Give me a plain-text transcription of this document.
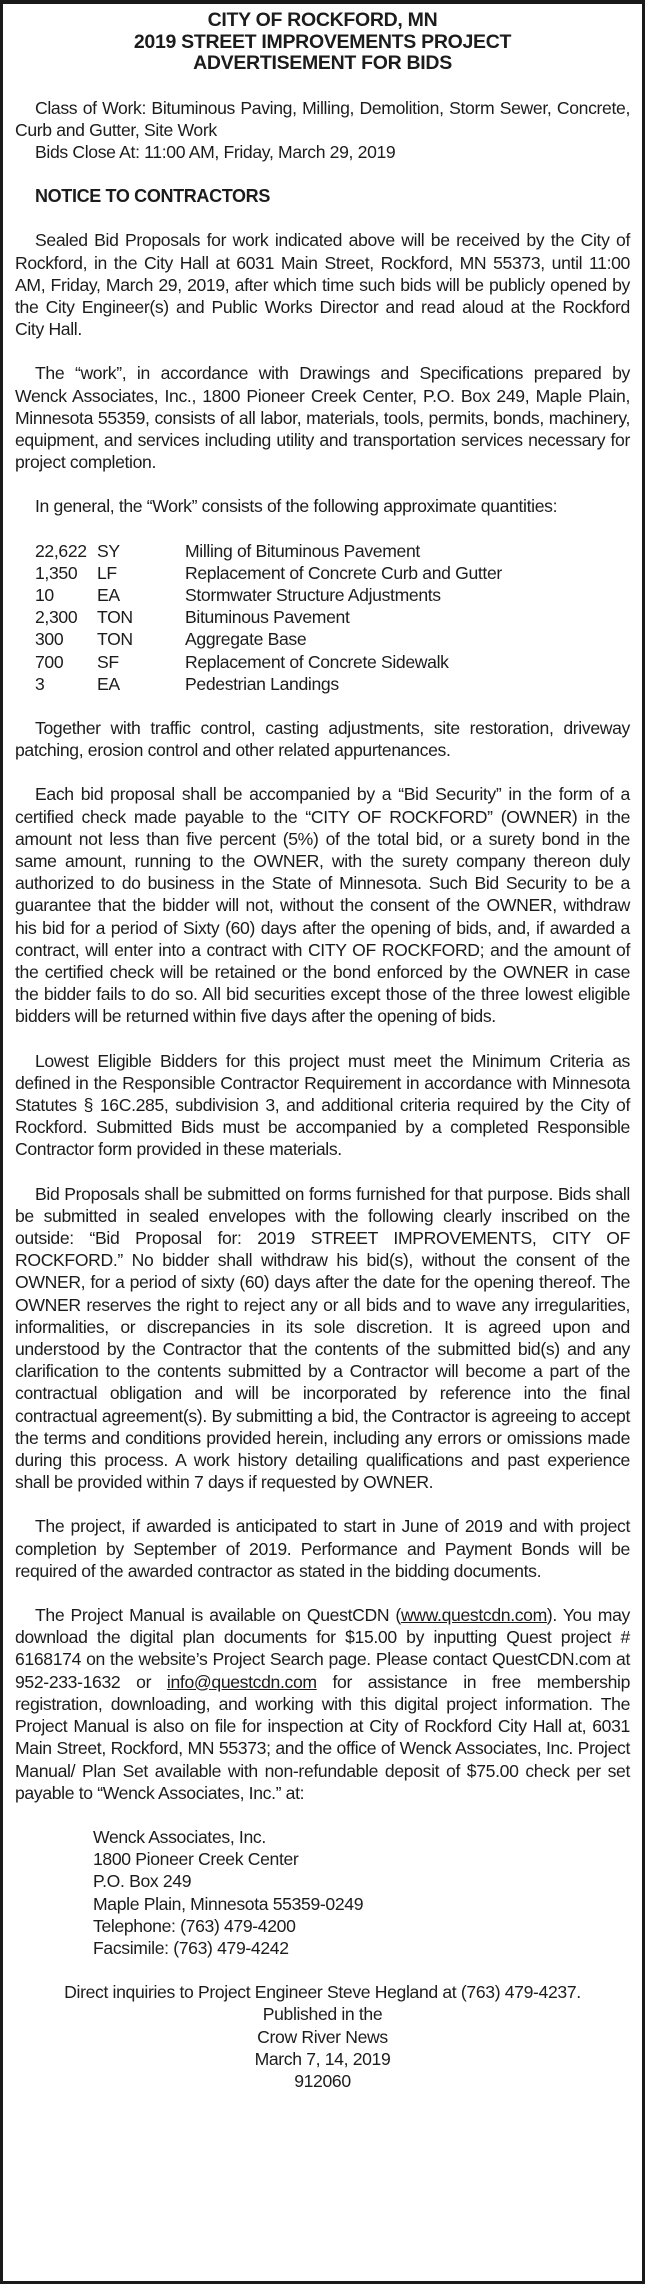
CITY OF ROCKFORD, MN
2019 STREET IMPROVEMENTS PROJECT
ADVERTISEMENT FOR BIDS

Class of Work: Bituminous Paving, Milling, Demolition, Storm Sewer, Concrete, Curb and Gutter, Site Work

Bids Close At: 11:00 AM, Friday, March 29, 2019
NOTICE TO CONTRACTORS

Sealed Bid Proposals for work indicated above will be received by the City of Rockford, in the City Hall at 6031 Main Street, Rockford, MN 55373, until 11:00 AM, Friday, March 29, 2019, after which time such bids will be publicly opened by the City Engineer(s) and Public Works Director and read aloud at the Rockford City Hall.

The “work”, in accordance with Drawings and Specifications prepared by Wenck Associates, Inc., 1800 Pioneer Creek Center, P.O. Box 249, Maple Plain, Minnesota 55359, consists of all labor, materials, tools, permits, bonds, machinery, equipment, and services including utility and transportation services necessary for project completion.

In general, the “Work” consists of the following approximate quantities:

22,622 SY	Milling of Bituminous Pavement
1,350	LF	Replacement of Concrete Curb and Gutter
10	EA	Stormwater Structure Adjustments
2,300	TON	Bituminous Pavement
300	TON	Aggregate Base
700	SF	Replacement of Concrete Sidewalk
3	EA	Pedestrian Landings

Together with traffic control, casting adjustments, site restoration, driveway patching, erosion control and other related appurtenances.

Each bid proposal shall be accompanied by a “Bid Security” in the form of a certified check made payable to the “CITY OF ROCKFORD” (OWNER) in the amount not less than five percent (5%) of the total bid, or a surety bond in the same amount, running to the OWNER, with the surety company thereon duly authorized to do business in the State of Minnesota. Such Bid Security to be a guarantee that the bidder will not, without the consent of the OWNER, withdraw his bid for a period of Sixty (60) days after the opening of bids, and, if awarded a contract, will enter into a contract with CITY OF ROCKFORD; and the amount of the certified check will be retained or the bond enforced by the OWNER in case the bidder fails to do so. All bid securities except those of the three lowest eligible bidders will be returned within five days after the opening of bids.

Lowest Eligible Bidders for this project must meet the Minimum Criteria as defined in the Responsible Contractor Requirement in accordance with Minnesota Statutes § 16C.285, subdivision 3, and additional criteria required by the City of Rockford. Submitted Bids must be accompanied by a completed Responsible Contractor form provided in these materials.

Bid Proposals shall be submitted on forms furnished for that purpose. Bids shall be submitted in sealed envelopes with the following clearly inscribed on the outside: “Bid Proposal for: 2019 STREET IMPROVEMENTS, CITY OF ROCKFORD.” No bidder shall withdraw his bid(s), without the consent of the OWNER, for a period of sixty (60) days after the date for the opening thereof. The OWNER reserves the right to reject any or all bids and to wave any irregularities, informalities, or discrepancies in its sole discretion. It is agreed upon and understood by the Contractor that the contents of the submitted bid(s) and any clarification to the contents submitted by a Contractor will become a part of the contractual obligation and will be incorporated by reference into the final contractual agreement(s). By submitting a bid, the Contractor is agreeing to accept the terms and conditions provided herein, including any errors or omissions made during this process. A work history detailing qualifications and past experience shall be provided within 7 days if requested by OWNER.

The project, if awarded is anticipated to start in June of 2019 and with project completion by September of 2019. Performance and Payment Bonds will be required of the awarded contractor as stated in the bidding documents.

The Project Manual is available on QuestCDN (www.questcdn.com). You may download the digital plan documents for $15.00 by inputting Quest project # 6168174 on the website’s Project Search page. Please contact QuestCDN.com at 952-233-1632 or info@questcdn.com for assistance in free membership registration, downloading, and working with this digital project information. The Project Manual is also on file for inspection at City of Rockford City Hall at, 6031 Main Street, Rockford, MN 55373; and the office of Wenck Associates, Inc. Project Manual/ Plan Set available with non-refundable deposit of $75.00 check per set payable to “Wenck Associates, Inc.” at:

Wenck Associates, Inc.
1800 Pioneer Creek Center
P.O. Box 249
Maple Plain, Minnesota 55359-0249
Telephone: (763) 479-4200
Facsimile: (763) 479-4242
Direct inquiries to Project Engineer Steve Hegland at (763) 479-4237.
Published in the
Crow River News
March 7, 14, 2019
912060
